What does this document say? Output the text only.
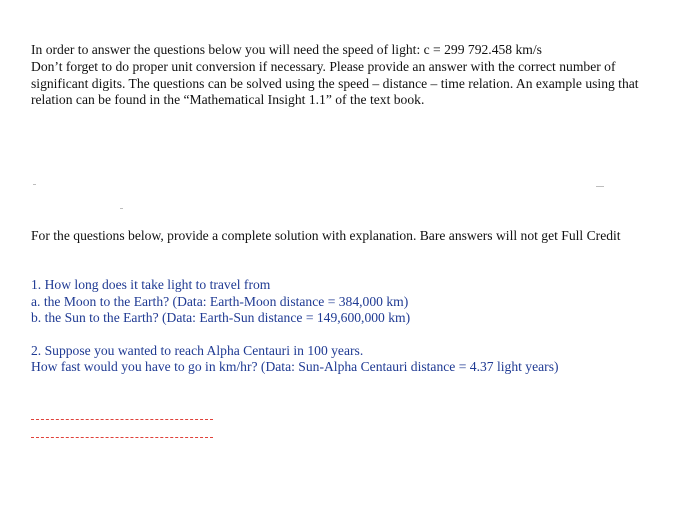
In order to answer the questions below you will need the speed of light: c = 299 792.458 km/s

Don’t forget to do proper unit conversion if necessary. Please provide an answer with the correct number of significant digits. The questions can be solved using the speed – distance – time relation. An example using that relation can be found in the “Mathematical Insight 1.1” of the text book.

For the questions below, provide a complete solution with explanation. Bare answers will not get Full Credit

1. How long does it take light to travel from

a. the Moon to the Earth? (Data: Earth-Moon distance = 384,000 km)

b. the Sun to the Earth? (Data: Earth-Sun distance = 149,600,000 km)

2. Suppose you wanted to reach Alpha Centauri in 100 years.

How fast would you have to go in km/hr? (Data: Sun-Alpha Centauri distance = 4.37 light years)
